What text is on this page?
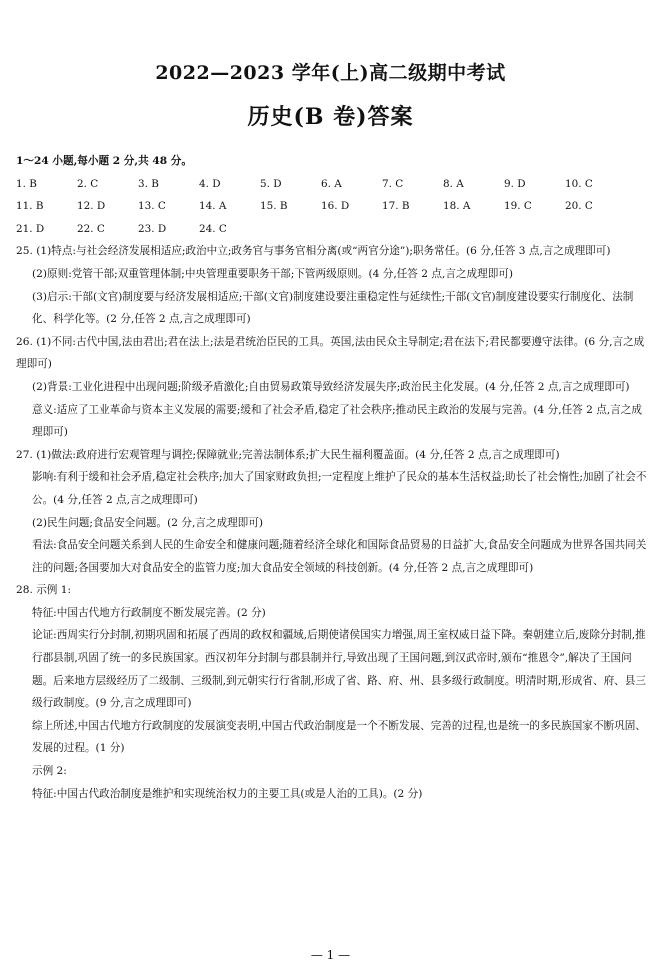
2022—2023 学年(上)高二级期中考试
历史(B 卷)答案

1～24 小题,每小题 2 分,共 48 分。

1. B	2. C	3. B	4. D	5. D	6. A	7. C	8. A	9. D	10. C
11. B	12. D	13. C	14. A	15. B	16. D	17. B	18. A	19. C	20. C
21. D	22. C	23. D	24. C

25. (1)特点:与社会经济发展相适应;政治中立;政务官与事务官相分离(或“两官分途”);职务常任。(6 分,任答 3 点,言之成理即可)

(2)原则:党管干部;双重管理体制;中央管理重要职务干部;下管两级原则。(4 分,任答 2 点,言之成理即可)

(3)启示:干部(文官)制度要与经济发展相适应;干部(文官)制度建设要注重稳定性与延续性;干部(文官)制度建设要实行制度化、法制化、科学化等。(2 分,任答 2 点,言之成理即可)

26. (1)不同:古代中国,法由君出;君在法上;法是君统治臣民的工具。英国,法由民众主导制定;君在法下;君民都要遵守法律。(6 分,言之成理即可)

(2)背景:工业化进程中出现问题;阶级矛盾激化;自由贸易政策导致经济发展失序;政治民主化发展。(4 分,任答 2 点,言之成理即可)

意义:适应了工业革命与资本主义发展的需要;缓和了社会矛盾,稳定了社会秩序;推动民主政治的发展与完善。(4 分,任答 2 点,言之成理即可)

27. (1)做法:政府进行宏观管理与调控;保障就业;完善法制体系;扩大民生福利覆盖面。(4 分,任答 2 点,言之成理即可)

影响:有利于缓和社会矛盾,稳定社会秩序;加大了国家财政负担;一定程度上维护了民众的基本生活权益;助长了社会惰性;加剧了社会不公。(4 分,任答 2 点,言之成理即可)

(2)民生问题;食品安全问题。(2 分,言之成理即可)

看法:食品安全问题关系到人民的生命安全和健康问题;随着经济全球化和国际食品贸易的日益扩大,食品安全问题成为世界各国共同关注的问题;各国要加大对食品安全的监管力度;加大食品安全领域的科技创新。(4 分,任答 2 点,言之成理即可)

28. 示例 1:

特征:中国古代地方行政制度不断发展完善。(2 分)

论证:西周实行分封制,初期巩固和拓展了西周的政权和疆域,后期使诸侯国实力增强,周王室权威日益下降。秦朝建立后,废除分封制,推行郡县制,巩固了统一的多民族国家。西汉初年分封制与郡县制并行,导致出现了王国问题,到汉武帝时,颁布“推恩令”,解决了王国问题。后来地方层级经历了二级制、三级制,到元朝实行行省制,形成了省、路、府、州、县多级行政制度。明清时期,形成省、府、县三级行政制度。(9 分,言之成理即可)

综上所述,中国古代地方行政制度的发展演变表明,中国古代政治制度是一个不断发展、完善的过程,也是统一的多民族国家不断巩固、发展的过程。(1 分)

示例 2:

特征:中国古代政治制度是维护和实现统治权力的主要工具(或是人治的工具)。(2 分)

— 1 —
